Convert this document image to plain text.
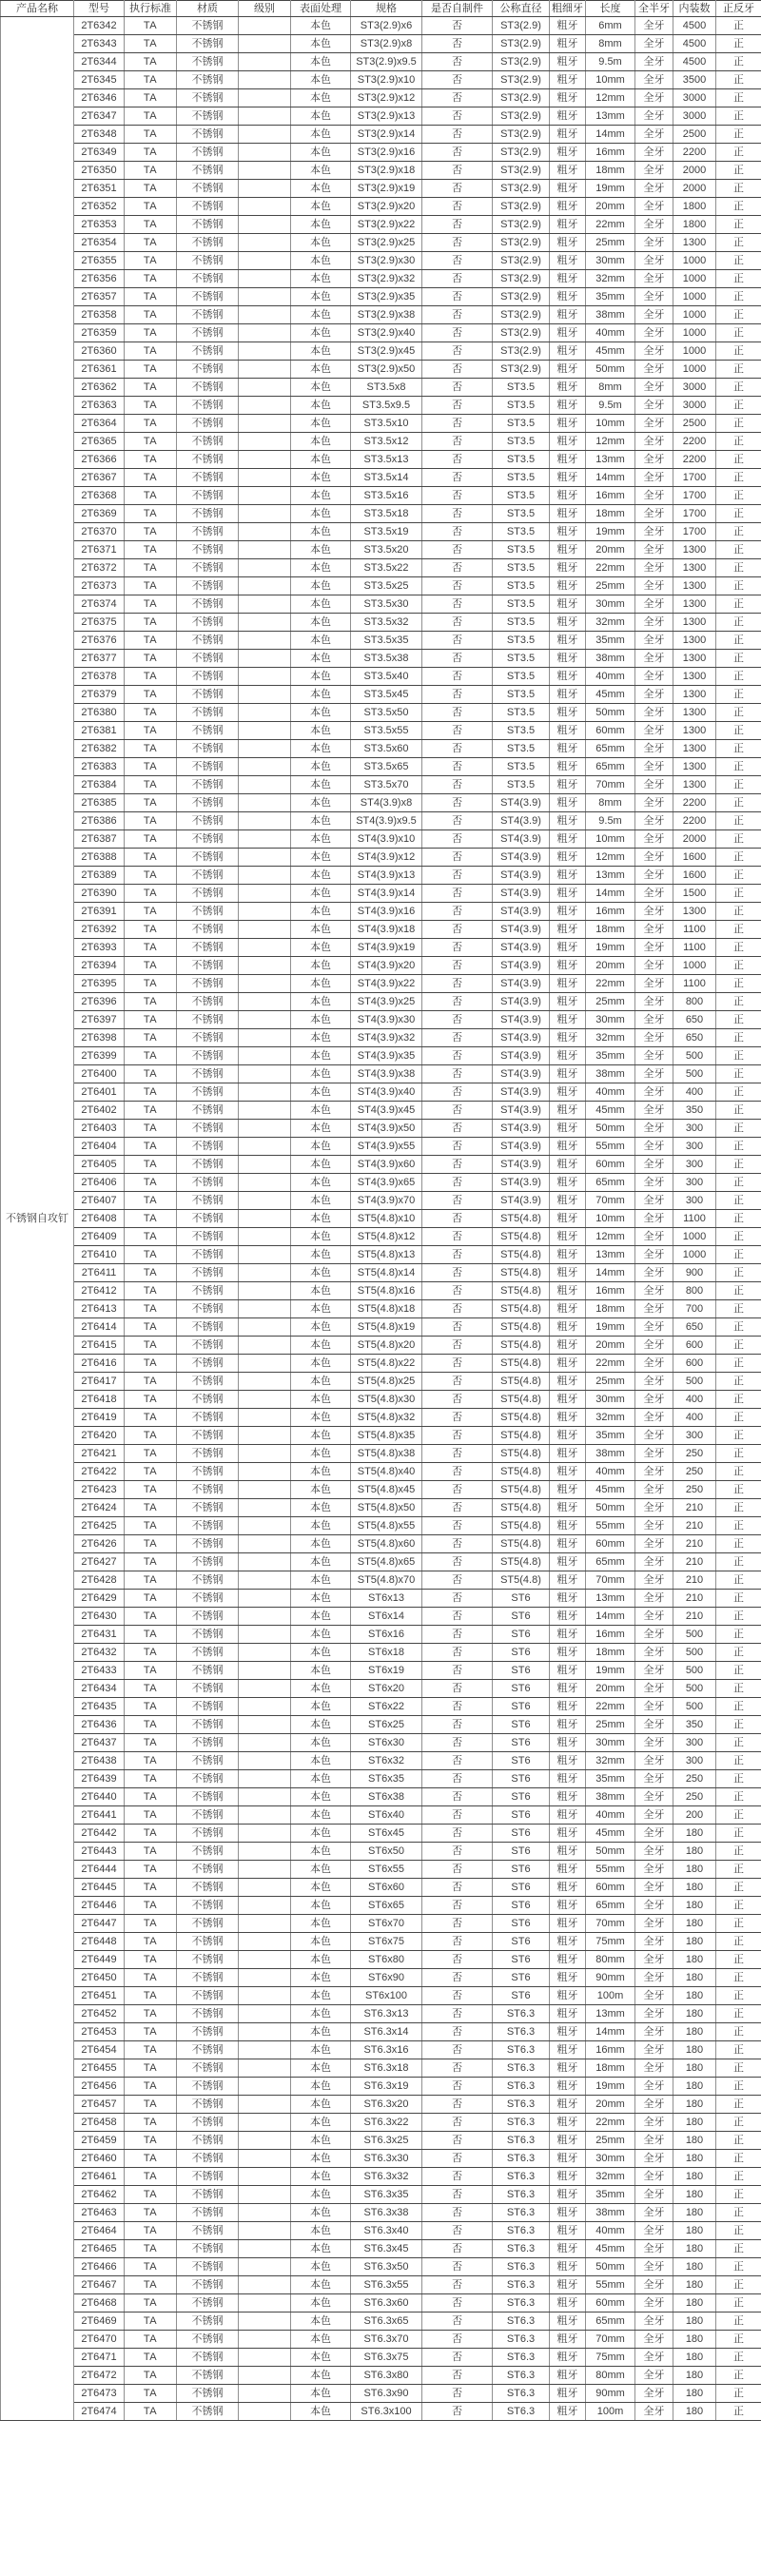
产品名称	型号	执行标准	材质	级别	表面处理	规格	是否自制件	公称直径	粗细牙	长度	全半牙	内装数	正反牙
不锈钢自攻钉	2T6342	TA	不锈钢		本色	ST3(2.9)x6	否	ST3(2.9)	粗牙	6mm	全牙	4500	正
	2T6343	TA	不锈钢		本色	ST3(2.9)x8	否	ST3(2.9)	粗牙	8mm	全牙	4500	正
	2T6344	TA	不锈钢		本色	ST3(2.9)x9.5	否	ST3(2.9)	粗牙	9.5m	全牙	4500	正
	2T6345	TA	不锈钢		本色	ST3(2.9)x10	否	ST3(2.9)	粗牙	10mm	全牙	3500	正
	2T6346	TA	不锈钢		本色	ST3(2.9)x12	否	ST3(2.9)	粗牙	12mm	全牙	3000	正
	2T6347	TA	不锈钢		本色	ST3(2.9)x13	否	ST3(2.9)	粗牙	13mm	全牙	3000	正
	2T6348	TA	不锈钢		本色	ST3(2.9)x14	否	ST3(2.9)	粗牙	14mm	全牙	2500	正
	2T6349	TA	不锈钢		本色	ST3(2.9)x16	否	ST3(2.9)	粗牙	16mm	全牙	2200	正
	2T6350	TA	不锈钢		本色	ST3(2.9)x18	否	ST3(2.9)	粗牙	18mm	全牙	2000	正
	2T6351	TA	不锈钢		本色	ST3(2.9)x19	否	ST3(2.9)	粗牙	19mm	全牙	2000	正
	2T6352	TA	不锈钢		本色	ST3(2.9)x20	否	ST3(2.9)	粗牙	20mm	全牙	1800	正
	2T6353	TA	不锈钢		本色	ST3(2.9)x22	否	ST3(2.9)	粗牙	22mm	全牙	1800	正
	2T6354	TA	不锈钢		本色	ST3(2.9)x25	否	ST3(2.9)	粗牙	25mm	全牙	1300	正
	2T6355	TA	不锈钢		本色	ST3(2.9)x30	否	ST3(2.9)	粗牙	30mm	全牙	1000	正
	2T6356	TA	不锈钢		本色	ST3(2.9)x32	否	ST3(2.9)	粗牙	32mm	全牙	1000	正
	2T6357	TA	不锈钢		本色	ST3(2.9)x35	否	ST3(2.9)	粗牙	35mm	全牙	1000	正
	2T6358	TA	不锈钢		本色	ST3(2.9)x38	否	ST3(2.9)	粗牙	38mm	全牙	1000	正
	2T6359	TA	不锈钢		本色	ST3(2.9)x40	否	ST3(2.9)	粗牙	40mm	全牙	1000	正
	2T6360	TA	不锈钢		本色	ST3(2.9)x45	否	ST3(2.9)	粗牙	45mm	全牙	1000	正
	2T6361	TA	不锈钢		本色	ST3(2.9)x50	否	ST3(2.9)	粗牙	50mm	全牙	1000	正
	2T6362	TA	不锈钢		本色	ST3.5x8	否	ST3.5	粗牙	8mm	全牙	3000	正
	2T6363	TA	不锈钢		本色	ST3.5x9.5	否	ST3.5	粗牙	9.5m	全牙	3000	正
	2T6364	TA	不锈钢		本色	ST3.5x10	否	ST3.5	粗牙	10mm	全牙	2500	正
	2T6365	TA	不锈钢		本色	ST3.5x12	否	ST3.5	粗牙	12mm	全牙	2200	正
	2T6366	TA	不锈钢		本色	ST3.5x13	否	ST3.5	粗牙	13mm	全牙	2200	正
	2T6367	TA	不锈钢		本色	ST3.5x14	否	ST3.5	粗牙	14mm	全牙	1700	正
	2T6368	TA	不锈钢		本色	ST3.5x16	否	ST3.5	粗牙	16mm	全牙	1700	正
	2T6369	TA	不锈钢		本色	ST3.5x18	否	ST3.5	粗牙	18mm	全牙	1700	正
	2T6370	TA	不锈钢		本色	ST3.5x19	否	ST3.5	粗牙	19mm	全牙	1700	正
	2T6371	TA	不锈钢		本色	ST3.5x20	否	ST3.5	粗牙	20mm	全牙	1300	正
	2T6372	TA	不锈钢		本色	ST3.5x22	否	ST3.5	粗牙	22mm	全牙	1300	正
	2T6373	TA	不锈钢		本色	ST3.5x25	否	ST3.5	粗牙	25mm	全牙	1300	正
	2T6374	TA	不锈钢		本色	ST3.5x30	否	ST3.5	粗牙	30mm	全牙	1300	正
	2T6375	TA	不锈钢		本色	ST3.5x32	否	ST3.5	粗牙	32mm	全牙	1300	正
	2T6376	TA	不锈钢		本色	ST3.5x35	否	ST3.5	粗牙	35mm	全牙	1300	正
	2T6377	TA	不锈钢		本色	ST3.5x38	否	ST3.5	粗牙	38mm	全牙	1300	正
	2T6378	TA	不锈钢		本色	ST3.5x40	否	ST3.5	粗牙	40mm	全牙	1300	正
	2T6379	TA	不锈钢		本色	ST3.5x45	否	ST3.5	粗牙	45mm	全牙	1300	正
	2T6380	TA	不锈钢		本色	ST3.5x50	否	ST3.5	粗牙	50mm	全牙	1300	正
	2T6381	TA	不锈钢		本色	ST3.5x55	否	ST3.5	粗牙	60mm	全牙	1300	正
	2T6382	TA	不锈钢		本色	ST3.5x60	否	ST3.5	粗牙	65mm	全牙	1300	正
	2T6383	TA	不锈钢		本色	ST3.5x65	否	ST3.5	粗牙	65mm	全牙	1300	正
	2T6384	TA	不锈钢		本色	ST3.5x70	否	ST3.5	粗牙	70mm	全牙	1300	正
	2T6385	TA	不锈钢		本色	ST4(3.9)x8	否	ST4(3.9)	粗牙	8mm	全牙	2200	正
	2T6386	TA	不锈钢		本色	ST4(3.9)x9.5	否	ST4(3.9)	粗牙	9.5m	全牙	2200	正
	2T6387	TA	不锈钢		本色	ST4(3.9)x10	否	ST4(3.9)	粗牙	10mm	全牙	2000	正
	2T6388	TA	不锈钢		本色	ST4(3.9)x12	否	ST4(3.9)	粗牙	12mm	全牙	1600	正
	2T6389	TA	不锈钢		本色	ST4(3.9)x13	否	ST4(3.9)	粗牙	13mm	全牙	1600	正
	2T6390	TA	不锈钢		本色	ST4(3.9)x14	否	ST4(3.9)	粗牙	14mm	全牙	1500	正
	2T6391	TA	不锈钢		本色	ST4(3.9)x16	否	ST4(3.9)	粗牙	16mm	全牙	1300	正
	2T6392	TA	不锈钢		本色	ST4(3.9)x18	否	ST4(3.9)	粗牙	18mm	全牙	1100	正
	2T6393	TA	不锈钢		本色	ST4(3.9)x19	否	ST4(3.9)	粗牙	19mm	全牙	1100	正
	2T6394	TA	不锈钢		本色	ST4(3.9)x20	否	ST4(3.9)	粗牙	20mm	全牙	1000	正
	2T6395	TA	不锈钢		本色	ST4(3.9)x22	否	ST4(3.9)	粗牙	22mm	全牙	1100	正
	2T6396	TA	不锈钢		本色	ST4(3.9)x25	否	ST4(3.9)	粗牙	25mm	全牙	800	正
	2T6397	TA	不锈钢		本色	ST4(3.9)x30	否	ST4(3.9)	粗牙	30mm	全牙	650	正
	2T6398	TA	不锈钢		本色	ST4(3.9)x32	否	ST4(3.9)	粗牙	32mm	全牙	650	正
	2T6399	TA	不锈钢		本色	ST4(3.9)x35	否	ST4(3.9)	粗牙	35mm	全牙	500	正
	2T6400	TA	不锈钢		本色	ST4(3.9)x38	否	ST4(3.9)	粗牙	38mm	全牙	500	正
	2T6401	TA	不锈钢		本色	ST4(3.9)x40	否	ST4(3.9)	粗牙	40mm	全牙	400	正
	2T6402	TA	不锈钢		本色	ST4(3.9)x45	否	ST4(3.9)	粗牙	45mm	全牙	350	正
	2T6403	TA	不锈钢		本色	ST4(3.9)x50	否	ST4(3.9)	粗牙	50mm	全牙	300	正
	2T6404	TA	不锈钢		本色	ST4(3.9)x55	否	ST4(3.9)	粗牙	55mm	全牙	300	正
	2T6405	TA	不锈钢		本色	ST4(3.9)x60	否	ST4(3.9)	粗牙	60mm	全牙	300	正
	2T6406	TA	不锈钢		本色	ST4(3.9)x65	否	ST4(3.9)	粗牙	65mm	全牙	300	正
	2T6407	TA	不锈钢		本色	ST4(3.9)x70	否	ST4(3.9)	粗牙	70mm	全牙	300	正
	2T6408	TA	不锈钢		本色	ST5(4.8)x10	否	ST5(4.8)	粗牙	10mm	全牙	1100	正
	2T6409	TA	不锈钢		本色	ST5(4.8)x12	否	ST5(4.8)	粗牙	12mm	全牙	1000	正
	2T6410	TA	不锈钢		本色	ST5(4.8)x13	否	ST5(4.8)	粗牙	13mm	全牙	1000	正
	2T6411	TA	不锈钢		本色	ST5(4.8)x14	否	ST5(4.8)	粗牙	14mm	全牙	900	正
	2T6412	TA	不锈钢		本色	ST5(4.8)x16	否	ST5(4.8)	粗牙	16mm	全牙	800	正
	2T6413	TA	不锈钢		本色	ST5(4.8)x18	否	ST5(4.8)	粗牙	18mm	全牙	700	正
	2T6414	TA	不锈钢		本色	ST5(4.8)x19	否	ST5(4.8)	粗牙	19mm	全牙	650	正
	2T6415	TA	不锈钢		本色	ST5(4.8)x20	否	ST5(4.8)	粗牙	20mm	全牙	600	正
	2T6416	TA	不锈钢		本色	ST5(4.8)x22	否	ST5(4.8)	粗牙	22mm	全牙	600	正
	2T6417	TA	不锈钢		本色	ST5(4.8)x25	否	ST5(4.8)	粗牙	25mm	全牙	500	正
	2T6418	TA	不锈钢		本色	ST5(4.8)x30	否	ST5(4.8)	粗牙	30mm	全牙	400	正
	2T6419	TA	不锈钢		本色	ST5(4.8)x32	否	ST5(4.8)	粗牙	32mm	全牙	400	正
	2T6420	TA	不锈钢		本色	ST5(4.8)x35	否	ST5(4.8)	粗牙	35mm	全牙	300	正
	2T6421	TA	不锈钢		本色	ST5(4.8)x38	否	ST5(4.8)	粗牙	38mm	全牙	250	正
	2T6422	TA	不锈钢		本色	ST5(4.8)x40	否	ST5(4.8)	粗牙	40mm	全牙	250	正
	2T6423	TA	不锈钢		本色	ST5(4.8)x45	否	ST5(4.8)	粗牙	45mm	全牙	250	正
	2T6424	TA	不锈钢		本色	ST5(4.8)x50	否	ST5(4.8)	粗牙	50mm	全牙	210	正
	2T6425	TA	不锈钢		本色	ST5(4.8)x55	否	ST5(4.8)	粗牙	55mm	全牙	210	正
	2T6426	TA	不锈钢		本色	ST5(4.8)x60	否	ST5(4.8)	粗牙	60mm	全牙	210	正
	2T6427	TA	不锈钢		本色	ST5(4.8)x65	否	ST5(4.8)	粗牙	65mm	全牙	210	正
	2T6428	TA	不锈钢		本色	ST5(4.8)x70	否	ST5(4.8)	粗牙	70mm	全牙	210	正
	2T6429	TA	不锈钢		本色	ST6x13	否	ST6	粗牙	13mm	全牙	210	正
	2T6430	TA	不锈钢		本色	ST6x14	否	ST6	粗牙	14mm	全牙	210	正
	2T6431	TA	不锈钢		本色	ST6x16	否	ST6	粗牙	16mm	全牙	500	正
	2T6432	TA	不锈钢		本色	ST6x18	否	ST6	粗牙	18mm	全牙	500	正
	2T6433	TA	不锈钢		本色	ST6x19	否	ST6	粗牙	19mm	全牙	500	正
	2T6434	TA	不锈钢		本色	ST6x20	否	ST6	粗牙	20mm	全牙	500	正
	2T6435	TA	不锈钢		本色	ST6x22	否	ST6	粗牙	22mm	全牙	500	正
	2T6436	TA	不锈钢		本色	ST6x25	否	ST6	粗牙	25mm	全牙	350	正
	2T6437	TA	不锈钢		本色	ST6x30	否	ST6	粗牙	30mm	全牙	300	正
	2T6438	TA	不锈钢		本色	ST6x32	否	ST6	粗牙	32mm	全牙	300	正
	2T6439	TA	不锈钢		本色	ST6x35	否	ST6	粗牙	35mm	全牙	250	正
	2T6440	TA	不锈钢		本色	ST6x38	否	ST6	粗牙	38mm	全牙	250	正
	2T6441	TA	不锈钢		本色	ST6x40	否	ST6	粗牙	40mm	全牙	200	正
	2T6442	TA	不锈钢		本色	ST6x45	否	ST6	粗牙	45mm	全牙	180	正
	2T6443	TA	不锈钢		本色	ST6x50	否	ST6	粗牙	50mm	全牙	180	正
	2T6444	TA	不锈钢		本色	ST6x55	否	ST6	粗牙	55mm	全牙	180	正
	2T6445	TA	不锈钢		本色	ST6x60	否	ST6	粗牙	60mm	全牙	180	正
	2T6446	TA	不锈钢		本色	ST6x65	否	ST6	粗牙	65mm	全牙	180	正
	2T6447	TA	不锈钢		本色	ST6x70	否	ST6	粗牙	70mm	全牙	180	正
	2T6448	TA	不锈钢		本色	ST6x75	否	ST6	粗牙	75mm	全牙	180	正
	2T6449	TA	不锈钢		本色	ST6x80	否	ST6	粗牙	80mm	全牙	180	正
	2T6450	TA	不锈钢		本色	ST6x90	否	ST6	粗牙	90mm	全牙	180	正
	2T6451	TA	不锈钢		本色	ST6x100	否	ST6	粗牙	100m	全牙	180	正
	2T6452	TA	不锈钢		本色	ST6.3x13	否	ST6.3	粗牙	13mm	全牙	180	正
	2T6453	TA	不锈钢		本色	ST6.3x14	否	ST6.3	粗牙	14mm	全牙	180	正
	2T6454	TA	不锈钢		本色	ST6.3x16	否	ST6.3	粗牙	16mm	全牙	180	正
	2T6455	TA	不锈钢		本色	ST6.3x18	否	ST6.3	粗牙	18mm	全牙	180	正
	2T6456	TA	不锈钢		本色	ST6.3x19	否	ST6.3	粗牙	19mm	全牙	180	正
	2T6457	TA	不锈钢		本色	ST6.3x20	否	ST6.3	粗牙	20mm	全牙	180	正
	2T6458	TA	不锈钢		本色	ST6.3x22	否	ST6.3	粗牙	22mm	全牙	180	正
	2T6459	TA	不锈钢		本色	ST6.3x25	否	ST6.3	粗牙	25mm	全牙	180	正
	2T6460	TA	不锈钢		本色	ST6.3x30	否	ST6.3	粗牙	30mm	全牙	180	正
	2T6461	TA	不锈钢		本色	ST6.3x32	否	ST6.3	粗牙	32mm	全牙	180	正
	2T6462	TA	不锈钢		本色	ST6.3x35	否	ST6.3	粗牙	35mm	全牙	180	正
	2T6463	TA	不锈钢		本色	ST6.3x38	否	ST6.3	粗牙	38mm	全牙	180	正
	2T6464	TA	不锈钢		本色	ST6.3x40	否	ST6.3	粗牙	40mm	全牙	180	正
	2T6465	TA	不锈钢		本色	ST6.3x45	否	ST6.3	粗牙	45mm	全牙	180	正
	2T6466	TA	不锈钢		本色	ST6.3x50	否	ST6.3	粗牙	50mm	全牙	180	正
	2T6467	TA	不锈钢		本色	ST6.3x55	否	ST6.3	粗牙	55mm	全牙	180	正
	2T6468	TA	不锈钢		本色	ST6.3x60	否	ST6.3	粗牙	60mm	全牙	180	正
	2T6469	TA	不锈钢		本色	ST6.3x65	否	ST6.3	粗牙	65mm	全牙	180	正
	2T6470	TA	不锈钢		本色	ST6.3x70	否	ST6.3	粗牙	70mm	全牙	180	正
	2T6471	TA	不锈钢		本色	ST6.3x75	否	ST6.3	粗牙	75mm	全牙	180	正
	2T6472	TA	不锈钢		本色	ST6.3x80	否	ST6.3	粗牙	80mm	全牙	180	正
	2T6473	TA	不锈钢		本色	ST6.3x90	否	ST6.3	粗牙	90mm	全牙	180	正
	2T6474	TA	不锈钢		本色	ST6.3x100	否	ST6.3	粗牙	100m	全牙	180	正
